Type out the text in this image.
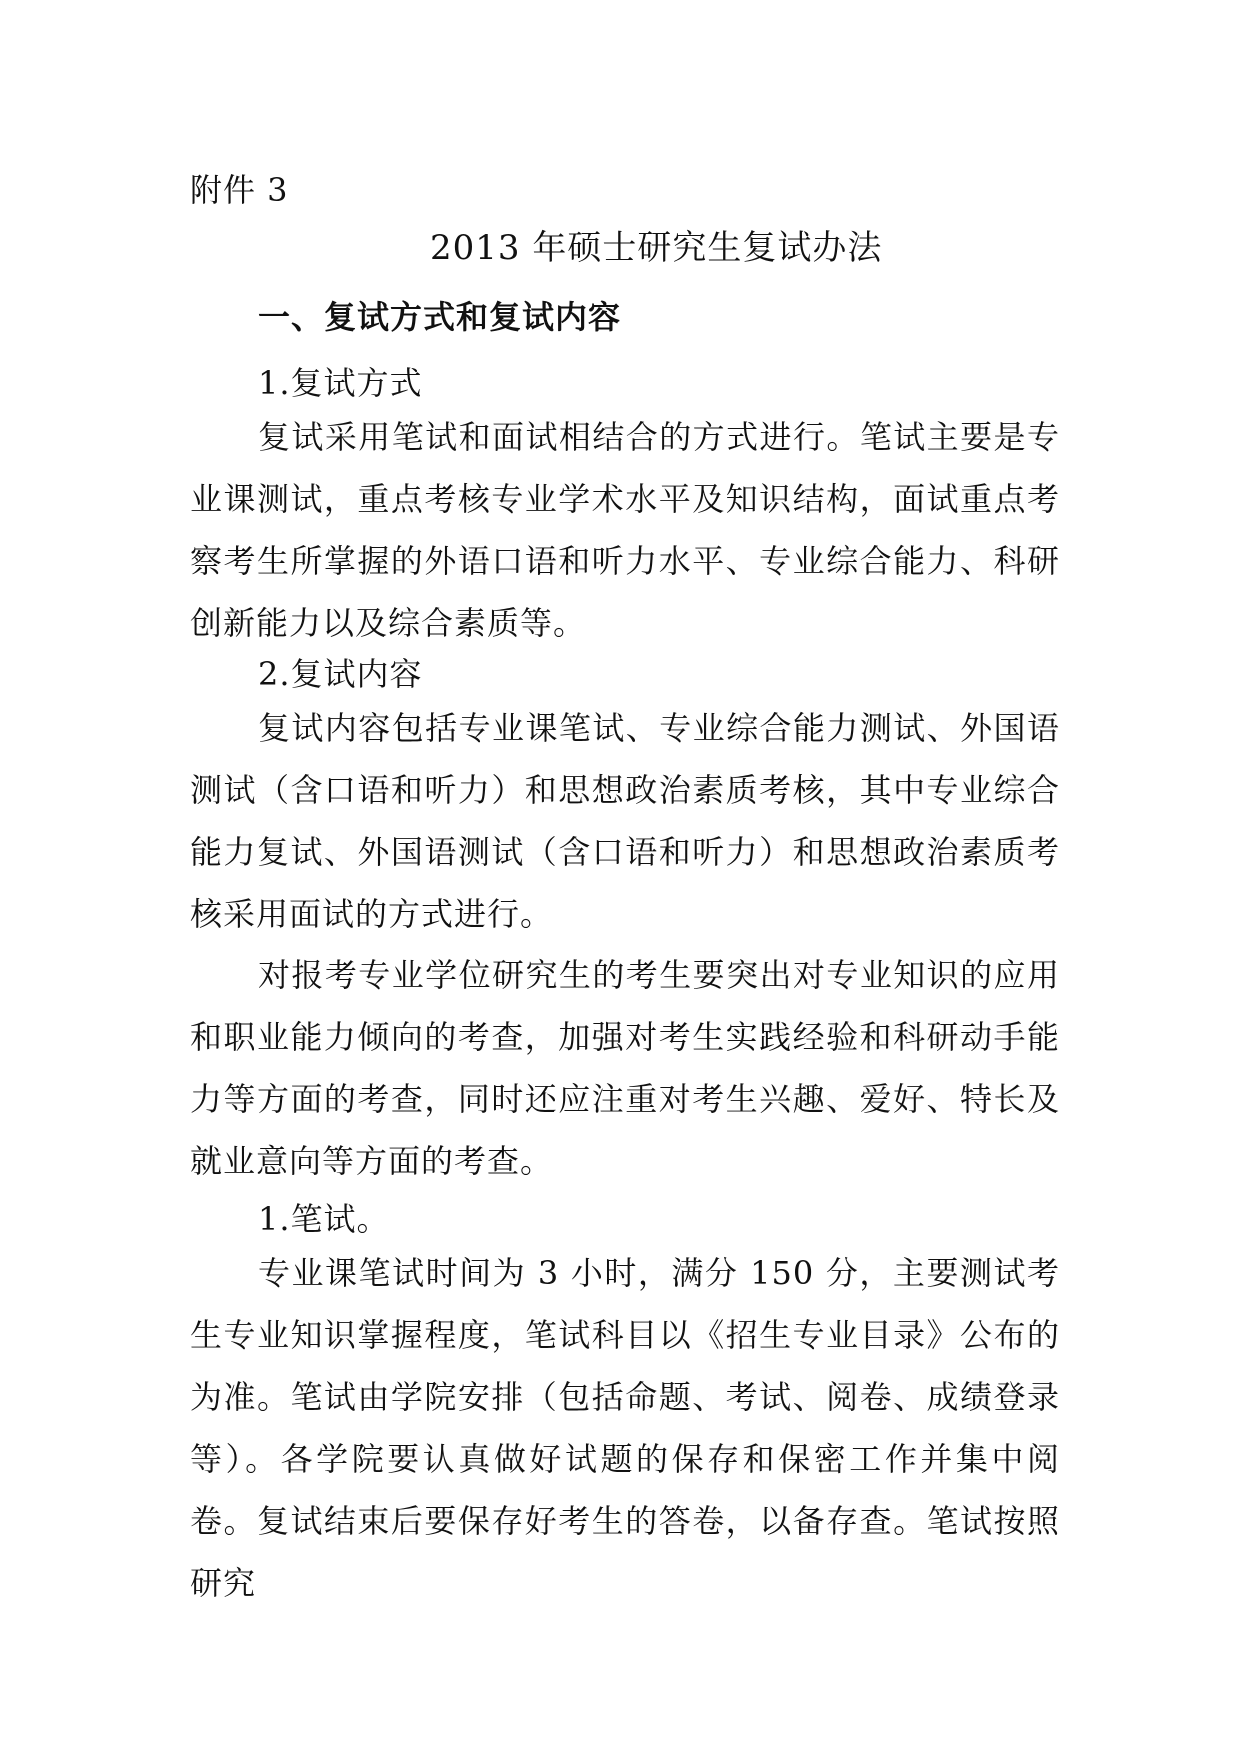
附件 3
2013 年硕士研究生复试办法
一、复试方式和复试内容
1.复试方式
复试采用笔试和面试相结合的方式进行。笔试主要是专业课测试，重点考核专业学术水平及知识结构，面试重点考察考生所掌握的外语口语和听力水平、专业综合能力、科研创新能力以及综合素质等。
2.复试内容
复试内容包括专业课笔试、专业综合能力测试、外国语测试（含口语和听力）和思想政治素质考核，其中专业综合能力复试、外国语测试（含口语和听力）和思想政治素质考核采用面试的方式进行。
对报考专业学位研究生的考生要突出对专业知识的应用和职业能力倾向的考查，加强对考生实践经验和科研动手能力等方面的考查，同时还应注重对考生兴趣、爱好、特长及就业意向等方面的考查。
1.笔试。
专业课笔试时间为 3 小时，满分 150 分，主要测试考生专业知识掌握程度，笔试科目以《招生专业目录》公布的为准。笔试由学院安排（包括命题、考试、阅卷、成绩登录等）。各学院要认真做好试题的保存和保密工作并集中阅卷。复试结束后要保存好考生的答卷，以备存查。笔试按照研究
